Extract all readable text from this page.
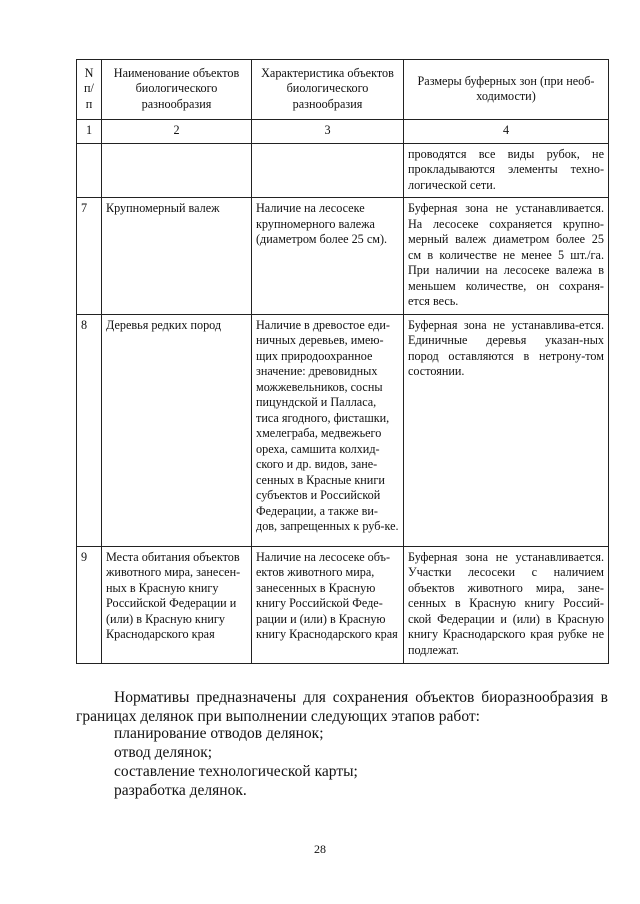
N п/п	Наименование объектов биологического разнообразия	Характеристика объектов биологического разнообразия	Размеры буферных зон (при необ-ходимости)
1	2	3	4
			проводятся все виды рубок, не прокладываются элементы техно-логической сети.
7	Крупномерный валеж	Наличие на лесосеке крупномерного валежа (диаметром более 25 см).	Буферная зона не устанавливается. На лесосеке сохраняется крупно-мерный валеж диаметром более 25 см в количестве не менее 5 шт./га. При наличии на лесосеке валежа в меньшем количестве, он сохраня-ется весь.
8	Деревья редких пород	Наличие в древостое еди-ничных деревьев, имею-щих природоохранное значение: древовидных можжевельников, сосны пицундской и Палласа, тиса ягодного, фисташки, хмелеграба, медвежьего ореха, самшита колхид-ского и др. видов, зане-сенных в Красные книги субъектов и Российской Федерации, а также ви-дов, запрещенных к руб-ке.	Буферная зона не устанавлива-ется. Единичные деревья указан-ных пород оставляются в нетрону-том состоянии.
9	Места обитания объектов животного мира, занесен-ных в Красную книгу Российской Федерации и (или) в Красную книгу Краснодарского края	Наличие на лесосеке объ-ектов животного мира, занесенных в Красную книгу Российской Феде-рации и (или) в Красную книгу Краснодарского края	Буферная зона не устанавливается. Участки лесосеки с наличием объектов животного мира, зане-сенных в Красную книгу Россий-ской Федерации и (или) в Красную книгу Краснодарского края рубке не подлежат.
Нормативы предназначены для сохранения объектов биоразнообразия в границах делянок при выполнении следующих этапов работ:
планирование отводов делянок;
отвод делянок;
составление технологической карты;
разработка делянок.
28
